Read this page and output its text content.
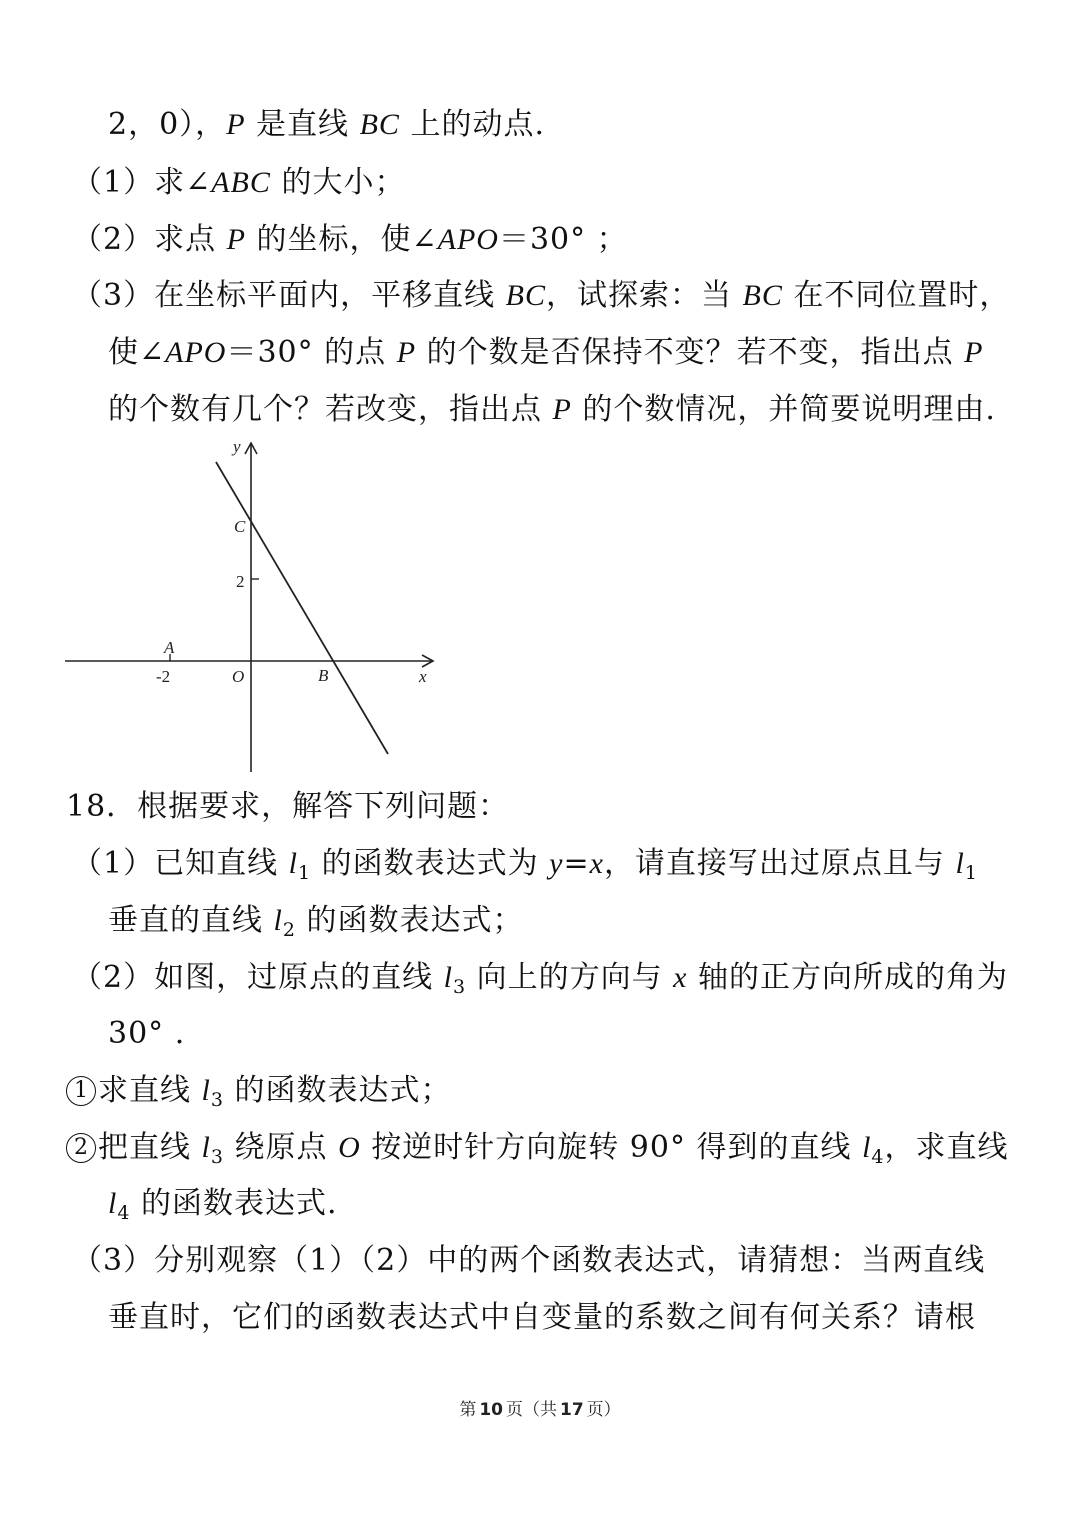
2，0），P 是直线 BC 上的动点.
（1）求∠ABC 的大小；
（2）求点 P 的坐标，使∠APO＝30° ；
（3）在坐标平面内，平移直线 BC，试探索：当 BC 在不同位置时，
使∠APO＝30° 的点 P 的个数是否保持不变？若不变，指出点 P
的个数有几个？若改变，指出点 P 的个数情况，并简要说明理由.
y
x
C
2
A
-2	O	B
18．根据要求，解答下列问题：
（1）已知直线 $l_1$ 的函数表达式为 y=x，请直接写出过原点且与 $l_1$
垂直的直线 $l_2$ 的函数表达式；
（2）如图，过原点的直线 $l_3$ 向上的方向与 x 轴的正方向所成的角为
30° .
1 求直线 $l_3$ 的函数表达式；
2 把直线 $l_3$ 绕原点 O 按逆时针方向旋转 90° 得到的直线 $l_4$，求直线
$l_4$ 的函数表达式.
（3）分别观察（1）（2）中的两个函数表达式，请猜想：当两直线
垂直时，它们的函数表达式中自变量的系数之间有何关系？请根
第 10 页（共 17 页）
